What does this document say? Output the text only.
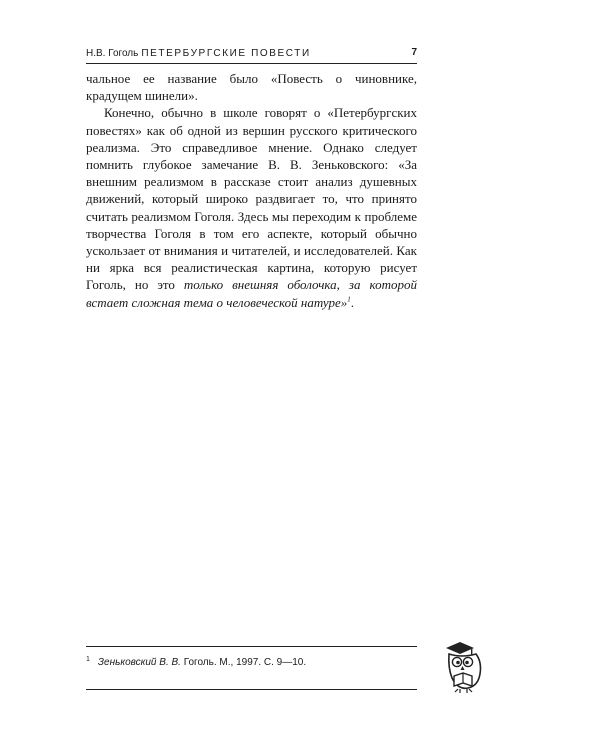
Н.В. Гоголь ПЕТЕРБУРГСКИЕ ПОВЕСТИ	7

чальное ее название было «Повесть о чиновнике, крадущем шинели».

Конечно, обычно в школе говорят о «Петербургских повестях» как об одной из вершин русского критического реализма. Это справедливое мнение. Однако следует помнить глубокое замечание В. В. Зеньковского: «За внешним реализмом в рассказе стоит анализ душевных движений, который широко раздвигает то, что принято считать реализмом Гоголя. Здесь мы переходим к проблеме творчества Гоголя в том его аспекте, который обычно ускользает от внимания и читателей, и исследователей. Как ни ярка вся реалистическая картина, которую рисует Гоголь, но это только внешняя оболочка, за которой встает сложная тема о человеческой натуре»$^1$.

$^1$ Зеньковский В. В. Гоголь. М., 1997. С. 9—10.
